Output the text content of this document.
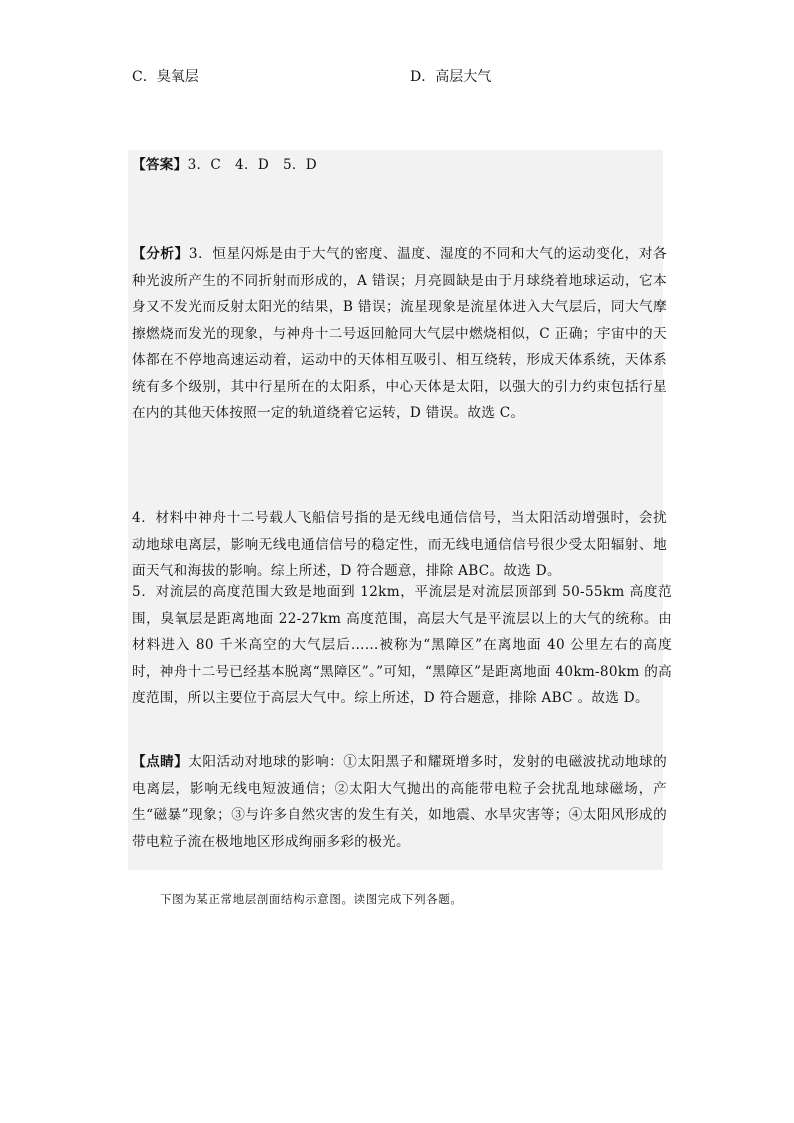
C．臭氧层	D．高层大气
【答案】3．C　4．D　5．D
【分析】3．恒星闪烁是由于大气的密度、温度、湿度的不同和大气的运动变化，对各种光波所产生的不同折射而形成的，A 错误；月亮圆缺是由于月球绕着地球运动，它本身又不发光而反射太阳光的结果，B 错误；流星现象是流星体进入大气层后，同大气摩擦燃烧而发光的现象，与神舟十二号返回舱同大气层中燃烧相似，C 正确；宇宙中的天体都在不停地高速运动着，运动中的天体相互吸引、相互绕转，形成天体系统，天体系统有多个级别，其中行星所在的太阳系，中心天体是太阳，以强大的引力约束包括行星在内的其他天体按照一定的轨道绕着它运转，D 错误。故选 C。
4．材料中神舟十二号载人飞船信号指的是无线电通信信号，当太阳活动增强时，会扰动地球电离层，影响无线电通信信号的稳定性，而无线电通信信号很少受太阳辐射、地面天气和海拔的影响。综上所述，D 符合题意，排除 ABC。故选 D。
5．对流层的高度范围大致是地面到 12km，平流层是对流层顶部到 50-55km 高度范围，臭氧层是距离地面 22-27km 高度范围，高层大气是平流层以上的大气的统称。由材料进入 80 千米高空的大气层后……被称为“黑障区”在离地面 40 公里左右的高度时，神舟十二号已经基本脱离“黑障区”。”可知，“黑障区”是距离地面 40km-80km 的高度范围，所以主要位于高层大气中。综上所述，D 符合题意，排除 ABC 。故选 D。
【点睛】太阳活动对地球的影响：①太阳黑子和耀斑增多时，发射的电磁波扰动地球的电离层，影响无线电短波通信；②太阳大气抛出的高能带电粒子会扰乱地球磁场，产生“磁暴”现象；③与许多自然灾害的发生有关，如地震、水旱灾害等；④太阳风形成的带电粒子流在极地地区形成绚丽多彩的极光。
下图为某正常地层剖面结构示意图。读图完成下列各题。
